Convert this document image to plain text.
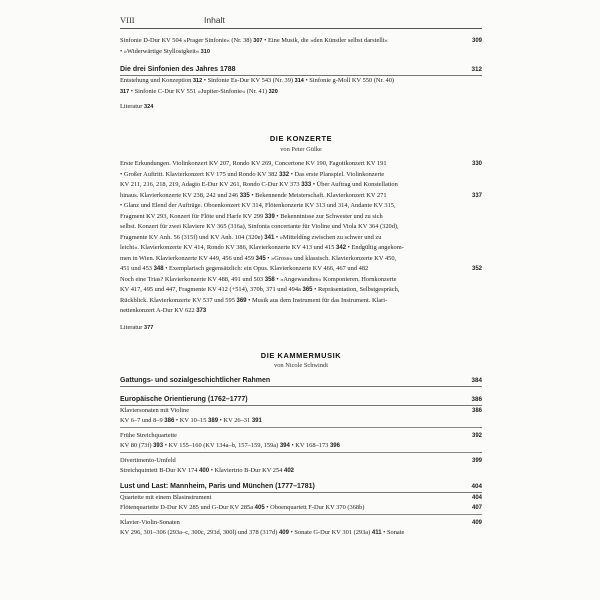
VIII	Inhalt
Sinfonie D-Dur KV 504 »Prager Sinfonie« (Nr. 38) 307 • Eine Musik, die »den Künstler selbst darstellt«	309
• »Widerwärtige Styllosigkeit« 310
Die drei Sinfonien des Jahres 1788	312

Entstehung und Konzeption 312 • Sinfonie Es-Dur KV 543 (Nr. 39) 314 • Sinfonie g-Moll KV 550 (Nr. 40)
317 • Sinfonie C-Dur KV 551 »Jupiter-Sinfonie« (Nr. 41) 320

Literatur 324

DIE KONZERTE
von Peter Gülke
Erste Erkundungen. Violinkonzert KV 207, Rondo KV 269, Concertone KV 190, Fagottkonzert KV 191	330
• Großer Auftritt. Klavierkonzert KV 175 und Rondo KV 382 332 • Das erste Planspiel. Violinkonzerte
KV 211, 216, 218, 219, Adagio E-Dur KV 261, Rondo C-Dur KV 373 333 • Über Auftrag und Konstellation
hinaus. Klavierkonzerte KV 238, 242 und 246 335 • Bekennende Meisterschaft. Klavierkonzert KV 271	337
• Glanz und Elend der Aufträge. Oboenkonzert KV 314, Flötenkonzerte KV 313 und 314, Andante KV 315,
Fragment KV 293, Konzert für Flöte und Harfe KV 299 339 • Bekenntnisse zur Schwester und zu sich
selbst. Konzert für zwei Klaviere KV 365 (316a), Sinfonia concertante für Violine und Viola KV 364 (320d),
Fragmente KV Anh. 56 (315f) und KV Anh. 104 (320e) 341 • »Mitteldíng zwischen zu schwer und zu
leicht«. Klavierkonzerte KV 414, Rondo KV 386, Klavierkonzerte KV 413 und 415 342 • Endgültig angekom-
men in Wien. Klavierkonzerte KV 449, 456 und 459 345 • »Gross« und klassisch. Klavierkonzerte KV 450,
451 und 453 348 • Exemplarisch gegensätzlich: ein Opus. Klavierkonzerte KV 466, 467 und 482	352
Noch eine Trias? Klavierkonzerte KV 488, 491 und 503 358 • »Angewandtes« Komponieren. Hornkonzerte
KV 417, 495 und 447, Fragmente KV 412 (+514), 370b, 371 und 494a 365 • Repräsentation, Selbstgespräch,
Rückblick. Klavierkonzerte KV 537 und 595 369 • Musik aus dem Instrument für das Instrument. Klari-
nettenkonzert A-Dur KV 622 373

Literatur 377

DIE KAMMERMUSIK
von Nicole Schwindt
Gattungs- und sozialgeschichtlicher Rahmen	384
Europäische Orientierung (1762–1777)	386
Klaviersonaten mit Violine	386
KV 6–7 und 8–9 386 • KV 10–15 389 • KV 26–31 391
Frühe Streichquartette	392
KV 80 (73f) 393 • KV 155–160 (KV 134a–b, 157–159, 159a) 394 • KV 168–173 396
Divertimento-Umfeld	399
Streichquintett B-Dur KV 174 400 • Klaviertrio B-Dur KV 254 402
Lust und Last: Mannheim, Paris und München (1777–1781)	404
Quartette mit einem Blasinstrument	404
Flötenquartette D-Dur KV 285 und G-Dur KV 285a 405 • Oboenquartett F-Dur KV 370 (368b)	407
Klavier-Violin-Sonaten	409
KV 296, 301–306 (293a–c, 300c, 293d, 300l) und 378 (317d) 409 • Sonate G-Dur KV 301 (293a) 411 • Sonate
